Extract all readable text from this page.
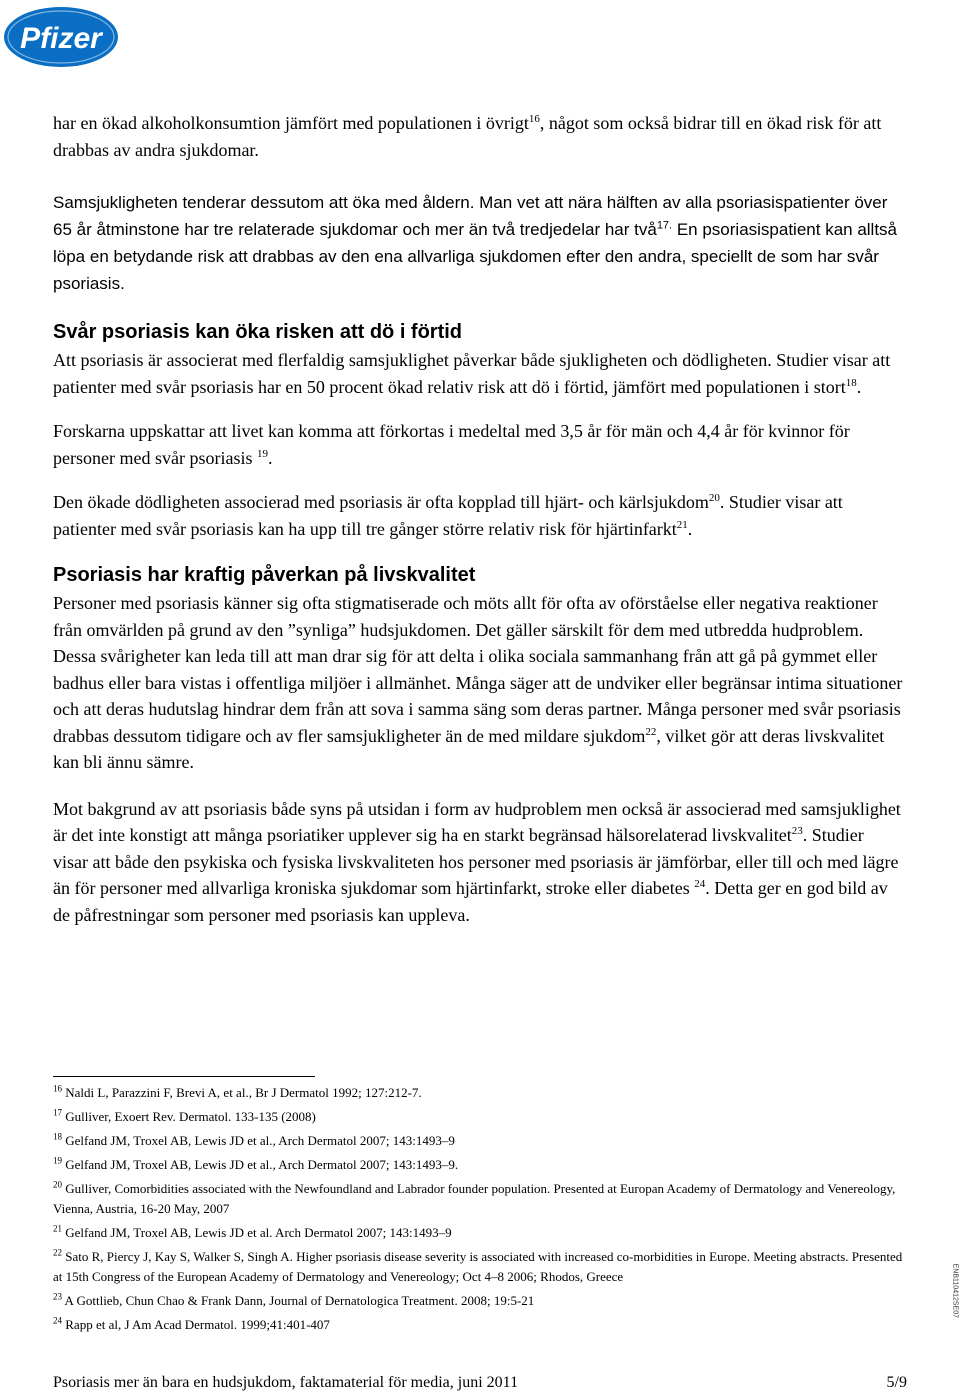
Pfizer

har en ökad alkoholkonsumtion jämfört med populationen i övrigt$^{16}$, något som också bidrar till en ökad risk för att drabbas av andra sjukdomar.

Samsjukligheten tenderar dessutom att öka med åldern. Man vet att nära hälften av alla psoriasispatienter över 65 år åtminstone har tre relaterade sjukdomar och mer än två tredjedelar har två$^{17.}$ En psoriasispatient kan alltså löpa en betydande risk att drabbas av den ena allvarliga sjukdomen efter den andra, speciellt de som har svår psoriasis.

Svår psoriasis kan öka risken att dö i förtid

Att psoriasis är associerat med flerfaldig samsjuklighet påverkar både sjukligheten och dödligheten. Studier visar att patienter med svår psoriasis har en 50 procent ökad relativ risk att dö i förtid, jämfört med populationen i stort$^{18}$.

Forskarna uppskattar att livet kan komma att förkortas i medeltal med 3,5 år för män och 4,4 år för kvinnor för personer med svår psoriasis $^{19}$.

Den ökade dödligheten associerad med psoriasis är ofta kopplad till hjärt- och kärlsjukdom$^{20}$. Studier visar att patienter med svår psoriasis kan ha upp till tre gånger större relativ risk för hjärtinfarkt$^{21}$.

Psoriasis har kraftig påverkan på livskvalitet

Personer med psoriasis känner sig ofta stigmatiserade och möts allt för ofta av oförståelse eller negativa reaktioner från omvärlden på grund av den ”synliga” hudsjukdomen. Det gäller särskilt för dem med utbredda hudproblem. Dessa svårigheter kan leda till att man drar sig för att delta i olika sociala sammanhang från att gå på gymmet eller badhus eller bara vistas i offentliga miljöer i allmänhet. Många säger att de undviker eller begränsar intima situationer och att deras hudutslag hindrar dem från att sova i samma säng som deras partner. Många personer med svår psoriasis drabbas dessutom tidigare och av fler samsjukligheter än de med mildare sjukdom$^{22}$, vilket gör att deras livskvalitet kan bli ännu sämre.

Mot bakgrund av att psoriasis både syns på utsidan i form av hudproblem men också är associerad med samsjuklighet är det inte konstigt att många psoriatiker upplever sig ha en starkt begränsad hälsorelaterad livskvalitet$^{23}$. Studier visar att både den psykiska och fysiska livskvaliteten hos personer med psoriasis är jämförbar, eller till och med lägre än för personer med allvarliga kroniska sjukdomar som hjärtinfarkt, stroke eller diabetes $^{24}$. Detta ger en god bild av de påfrestningar som personer med psoriasis kan uppleva.

$^{16}$ Naldi L, Parazzini F, Brevi A, et al., Br J Dermatol 1992; 127:212-7.

$^{17}$ Gulliver, Exoert Rev. Dermatol. 133-135 (2008)

$^{18}$ Gelfand JM, Troxel AB, Lewis JD et al., Arch Dermatol 2007; 143:1493–9

$^{19}$ Gelfand JM, Troxel AB, Lewis JD et al., Arch Dermatol 2007; 143:1493–9.

$^{20}$ Gulliver, Comorbidities associated with the Newfoundland and Labrador founder population. Presented at Europan Academy of Dermatology and Venereology, Vienna, Austria, 16-20 May, 2007

$^{21}$ Gelfand JM, Troxel AB, Lewis JD et al. Arch Dermatol 2007; 143:1493–9

$^{22}$ Sato R, Piercy J, Kay S, Walker S, Singh A. Higher psoriasis disease severity is associated with increased co-morbidities in Europe. Meeting abstracts. Presented at 15th Congress of the European Academy of Dermatology and Venereology; Oct 4–8 2006; Rhodos, Greece

$^{23}$ A Gottlieb, Chun Chao & Frank Dann, Journal of Dernatologica Treatment. 2008; 19:5-21

$^{24}$ Rapp et al, J Am Acad Dermatol. 1999;41:401-407

ENB110412SE07
Psoriasis mer än bara en hudsjukdom, faktamaterial för media, juni 2011	5/9
